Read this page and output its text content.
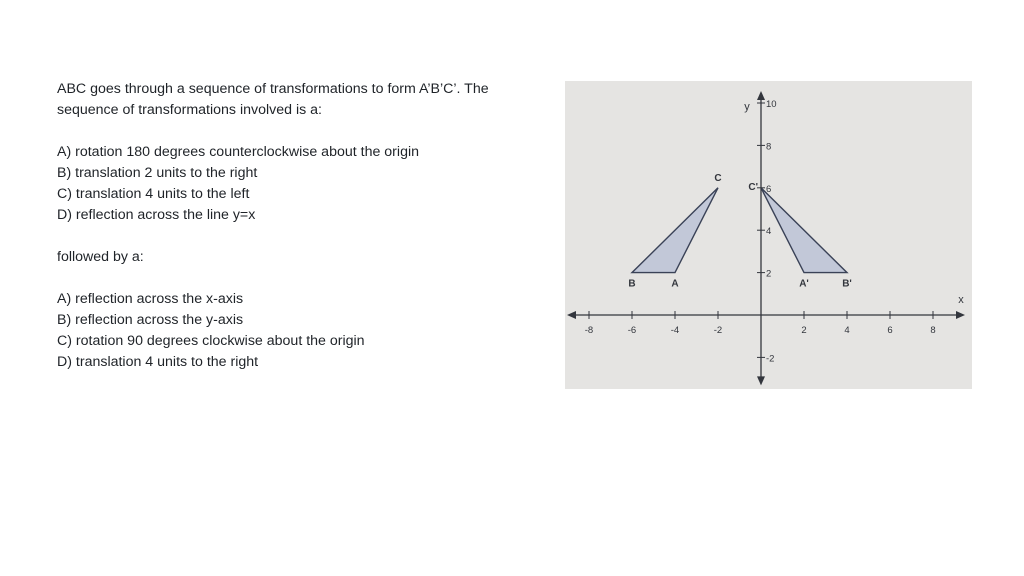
ABC goes through a sequence of transformations to form A’B’C’. The

sequence of transformations involved is a:

A) rotation 180 degrees counterclockwise about the origin

B) translation 2 units to the right

C) translation 4 units to the left

D) reflection across the line y=x

followed by a:

A) reflection across the x-axis

B) reflection across the y-axis

C) rotation 90 degrees clockwise about the origin

D) translation 4 units to the right

x
y
-8	-6	-4	-2	2	4	6	8
2
4
6
8
10
-2
A
B
C
A'	B'
C'
